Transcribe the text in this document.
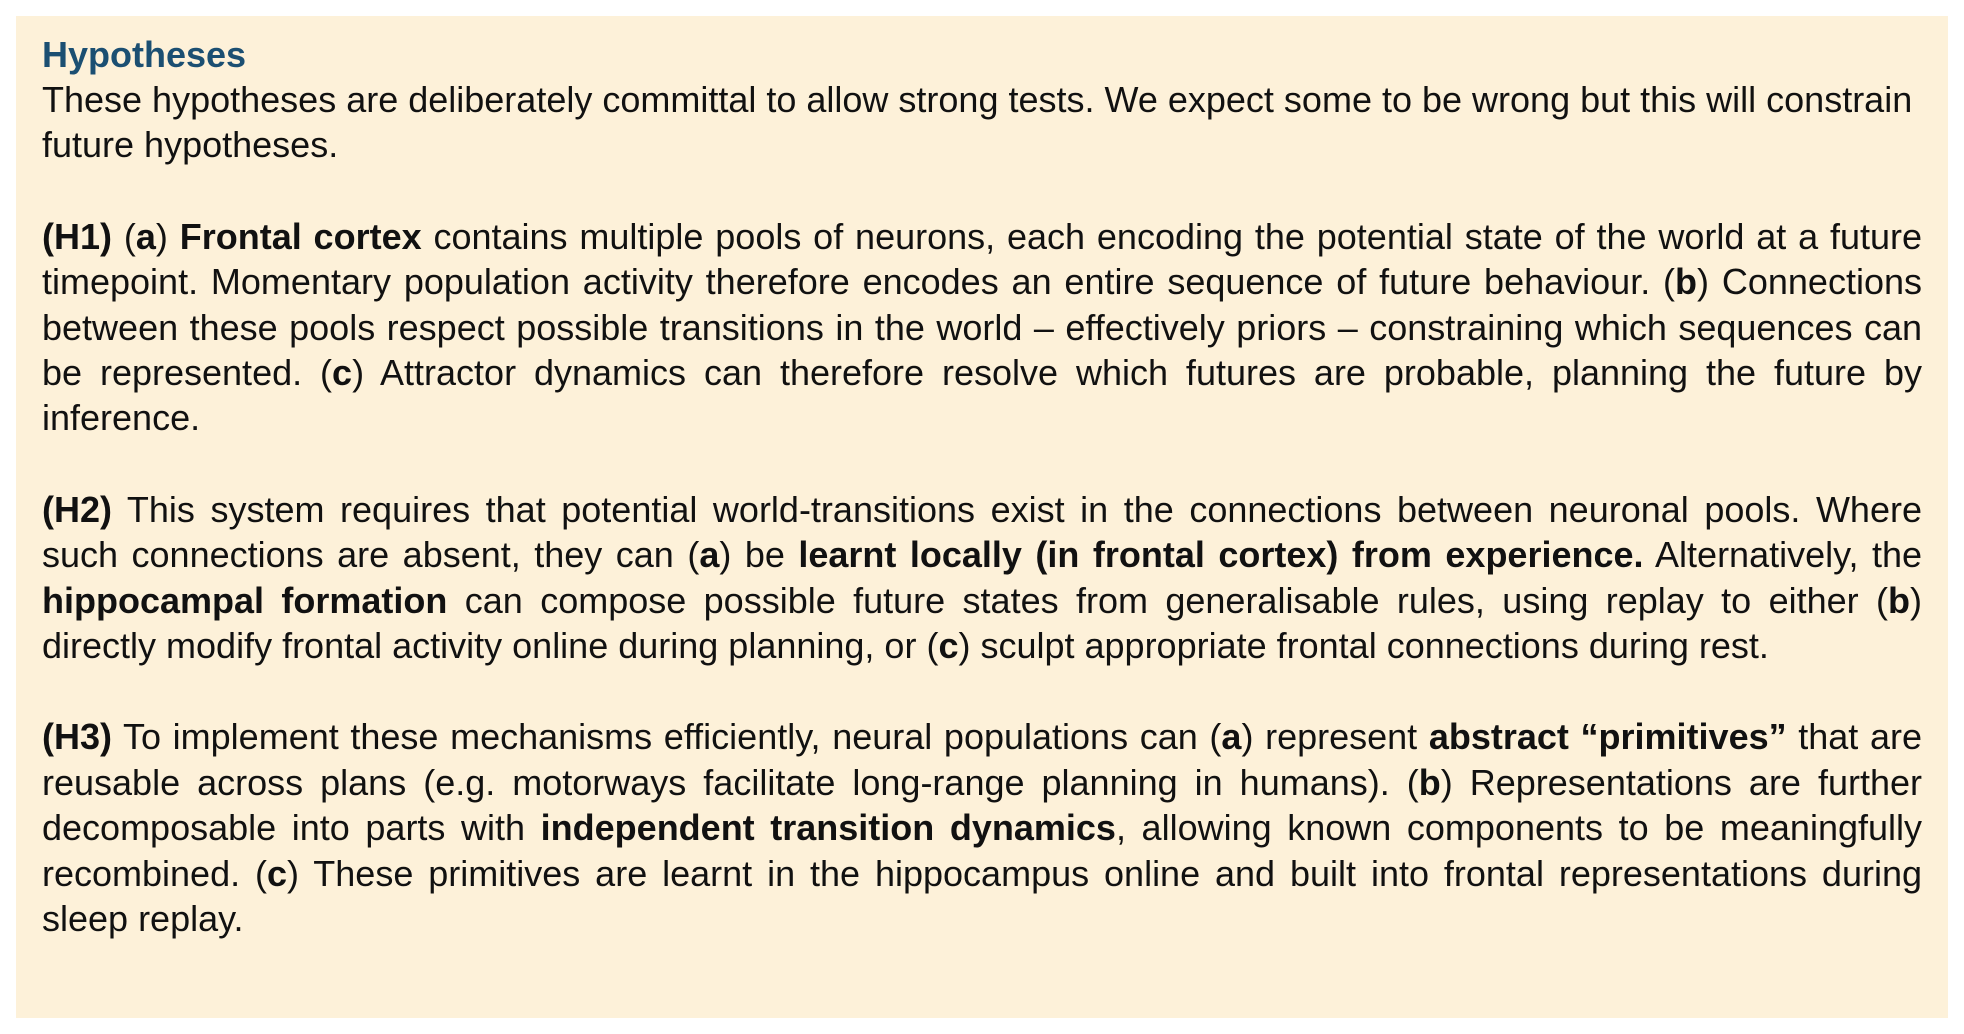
Hypotheses

These hypotheses are deliberately committal to allow strong tests. We expect some to be wrong but this will constrain future hypotheses.

(H1) (a) Frontal cortex contains multiple pools of neurons, each encoding the potential state of the world at a future timepoint. Momentary population activity therefore encodes an entire sequence of future behaviour. (b) Connections between these pools respect possible transitions in the world – effectively priors – constraining which sequences can be represented. (c) Attractor dynamics can therefore resolve which futures are probable, planning the future by inference.

(H2) This system requires that potential world-transitions exist in the connections between neuronal pools. Where such connections are absent, they can (a) be learnt locally (in frontal cortex) from experience. Alternatively, the hippocampal formation can compose possible future states from generalisable rules, using replay to either (b) directly modify frontal activity online during planning, or (c) sculpt appropriate frontal connections during rest.

(H3) To implement these mechanisms efficiently, neural populations can (a) represent abstract “primitives” that are reusable across plans (e.g. motorways facilitate long-range planning in humans). (b) Representations are further decomposable into parts with independent transition dynamics, allowing known components to be meaningfully recombined. (c) These primitives are learnt in the hippocampus online and built into frontal representations during sleep replay.
